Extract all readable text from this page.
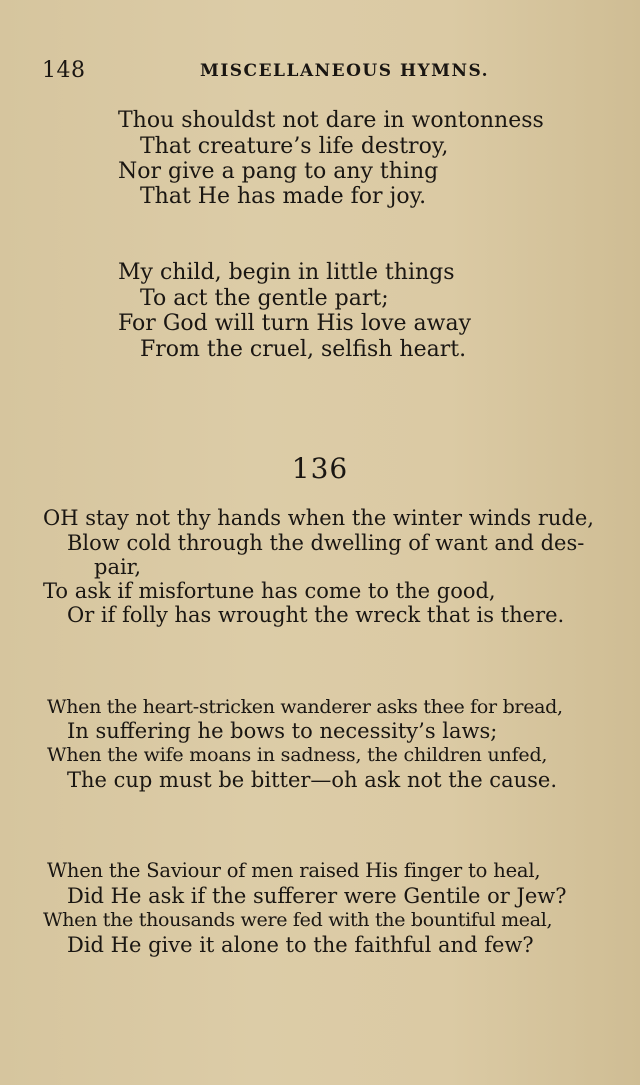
148	MISCELLANEOUS HYMNS.
Thou shouldst not dare in wontonness
That creature’s life destroy,
Nor give a pang to any thing
That He has made for joy.
My child, begin in little things
To act the gentle part;
For God will turn His love away
From the cruel, selfish heart.
136
OH stay not thy hands when the winter winds rude,
Blow cold through the dwelling of want and des-
pair,
To ask if misfortune has come to the good,
Or if folly has wrought the wreck that is there.
When the heart-stricken wanderer asks thee for bread,
In suffering he bows to necessity’s laws;
When the wife moans in sadness, the children unfed,
The cup must be bitter—oh ask not the cause.
When the Saviour of men raised His finger to heal,
Did He ask if the sufferer were Gentile or Jew?
When the thousands were fed with the bountiful meal,
Did He give it alone to the faithful and few?
